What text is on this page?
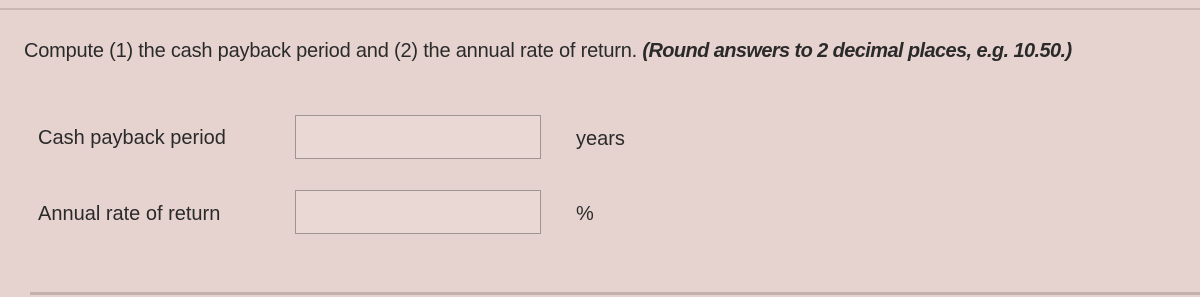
Compute (1) the cash payback period and (2) the annual rate of return. (Round answers to 2 decimal places, e.g. 10.50.)
Cash payback period	years
Annual rate of return	%
